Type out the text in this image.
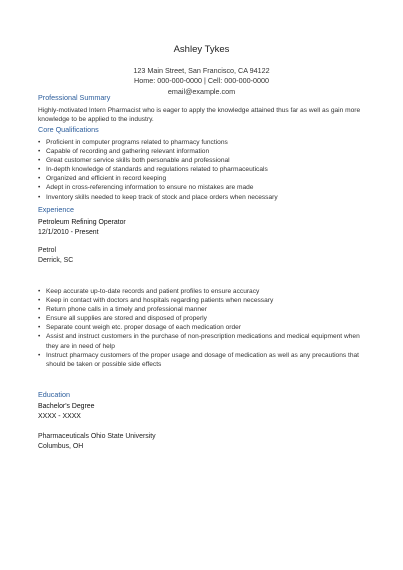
Ashley Tykes
123 Main Street, San Francisco, CA 94122
Home: 000-000-0000 | Cell: 000-000-0000
email@example.com
Professional Summary
Highly-motivated Intern Pharmacist who is eager to apply the knowledge attained thus far as well as gain more knowledge to be applied to the industry.
Core Qualifications
• Proficient in computer programs related to pharmacy functions
• Capable of recording and gathering relevant information
• Great customer service skills both personable and professional
• In-depth knowledge of standards and regulations related to pharmaceuticals
• Organized and efficient in record keeping
• Adept in cross-referencing information to ensure no mistakes are made
• Inventory skills needed to keep track of stock and place orders when necessary
Experience
Petroleum Refining Operator
12/1/2010 - Present
Petrol
Derrick, SC
• Keep accurate up-to-date records and patient profiles to ensure accuracy
• Keep in contact with doctors and hospitals regarding patients when necessary
• Return phone calls in a timely and professional manner
• Ensure all supplies are stored and disposed of properly
• Separate count weigh etc. proper dosage of each medication order
• Assist and instruct customers in the purchase of non-prescription medications and medical equipment when they are in need of help
• Instruct pharmacy customers of the proper usage and dosage of medication as well as any precautions that should be taken or possible side effects
Education
Bachelor's Degree
XXXX - XXXX
Pharmaceuticals Ohio State University
Columbus, OH
